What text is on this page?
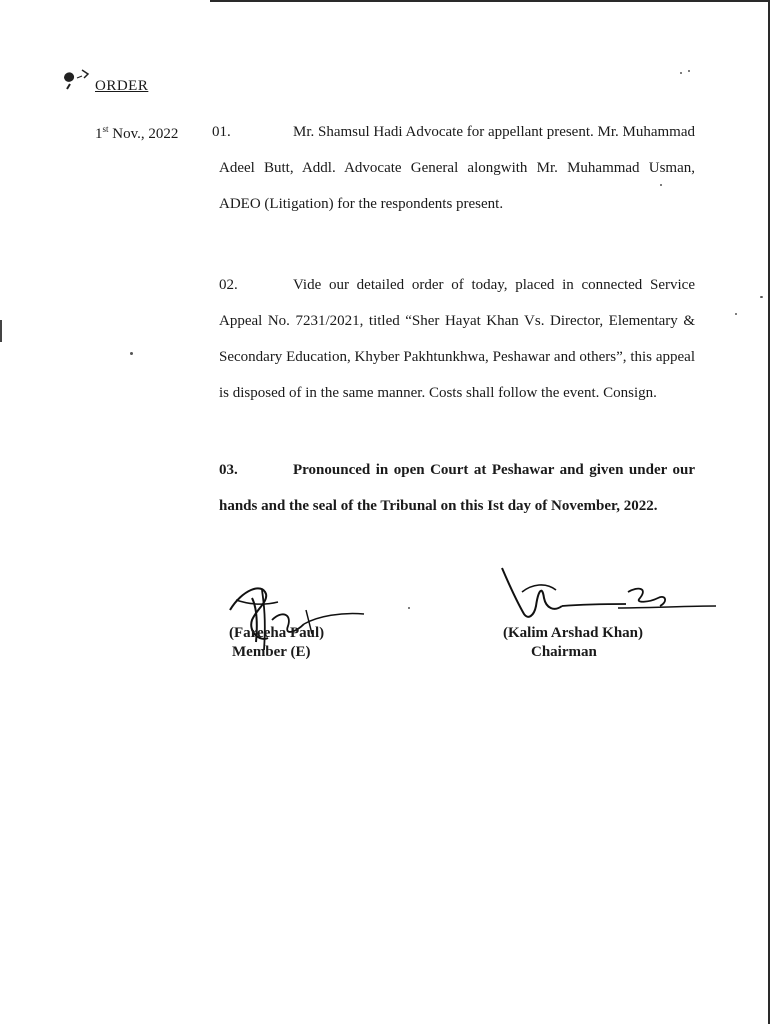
ORDER
1st Nov., 2022 01.	Mr. Shamsul Hadi Advocate for appellant present. Mr. Muhammad Adeel Butt, Addl. Advocate General alongwith Mr. Muhammad Usman, ADEO (Litigation) for the respondents present.
02.	Vide our detailed order of today, placed in connected Service Appeal No. 7231/2021, titled “Sher Hayat Khan Vs. Director, Elementary & Secondary Education, Khyber Pakhtunkhwa, Peshawar and others”, this appeal is disposed of in the same manner. Costs shall follow the event. Consign.
03.	Pronounced in open Court at Peshawar and given under our hands and the seal of the Tribunal on this Ist day of November, 2022.
(Fareeha Paul)
Member (E)
(Kalim Arshad Khan)
Chairman
